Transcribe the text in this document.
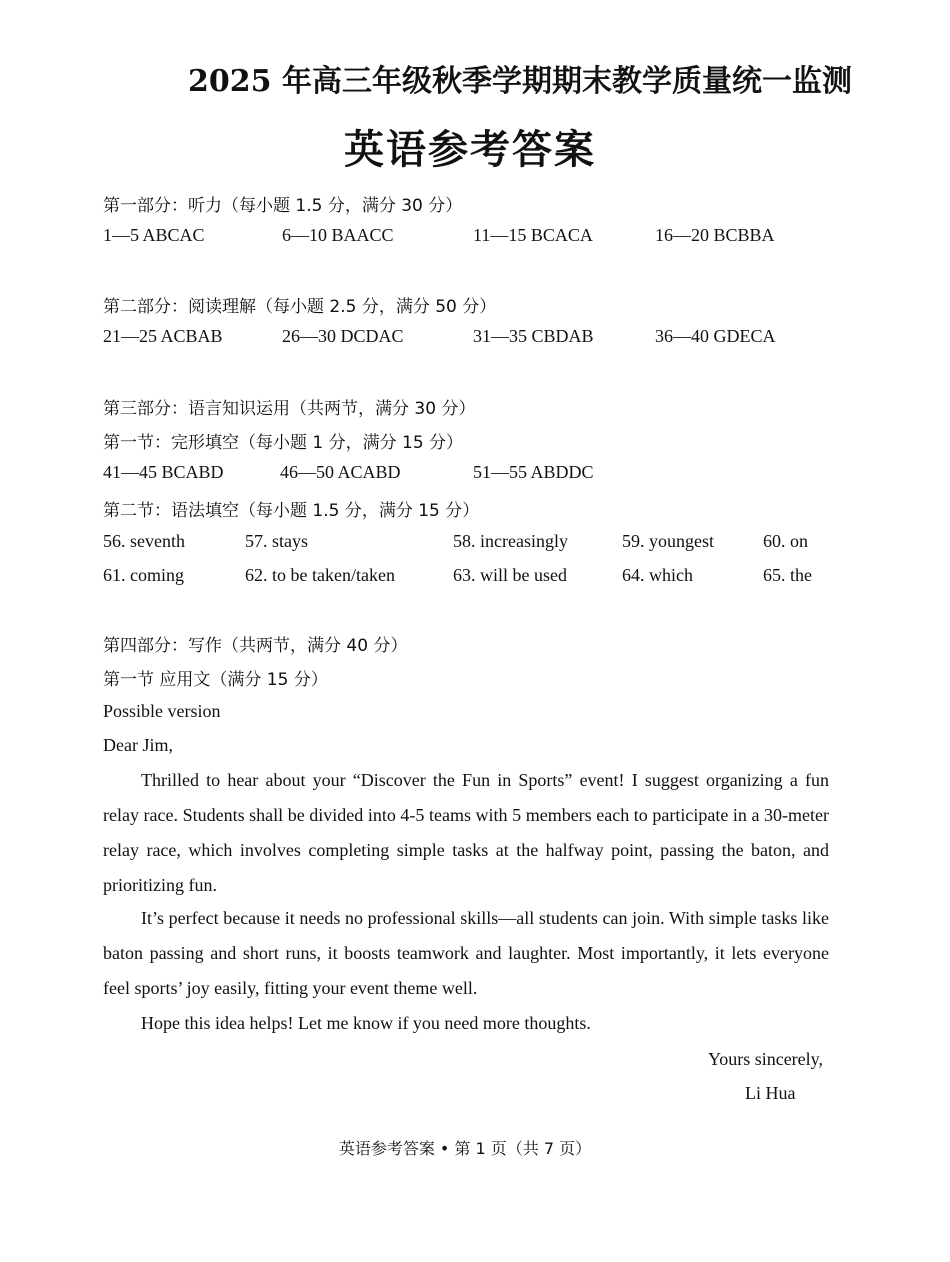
2025 年高三年级秋季学期期末教学质量统一监测
英语参考答案
第一部分：听力（每小题 1.5 分，满分 30 分）
1—5 ABCAC	6—10 BAACC	11—15 BCACA	16—20 BCBBA
第二部分：阅读理解（每小题 2.5 分，满分 50 分）
21—25 ACBAB	26—30 DCDAC	31—35 CBDAB	36—40 GDECA
第三部分：语言知识运用（共两节，满分 30 分）
第一节：完形填空（每小题 1 分，满分 15 分）
41—45 BCABD	46—50 ACABD	51—55 ABDDC
第二节：语法填空（每小题 1.5 分，满分 15 分）
56. seventh	57. stays	58. increasingly	59. youngest	60. on
61. coming	62. to be taken/taken	63. will be used	64. which	65. the
第四部分：写作（共两节，满分 40 分）
第一节 应用文（满分 15 分）
Possible version
Dear Jim,
Thrilled to hear about your “Discover the Fun in Sports” event! I suggest organizing a fun relay race. Students shall be divided into 4-5 teams with 5 members each to participate in a 30-meter relay race, which involves completing simple tasks at the halfway point, passing the baton, and prioritizing fun.
It’s perfect because it needs no professional skills—all students can join. With simple tasks like baton passing and short runs, it boosts teamwork and laughter. Most importantly, it lets everyone feel sports’ joy easily, fitting your event theme well.
Hope this idea helps! Let me know if you need more thoughts.
Yours sincerely,
Li Hua
英语参考答案 • 第 1 页（共 7 页）
